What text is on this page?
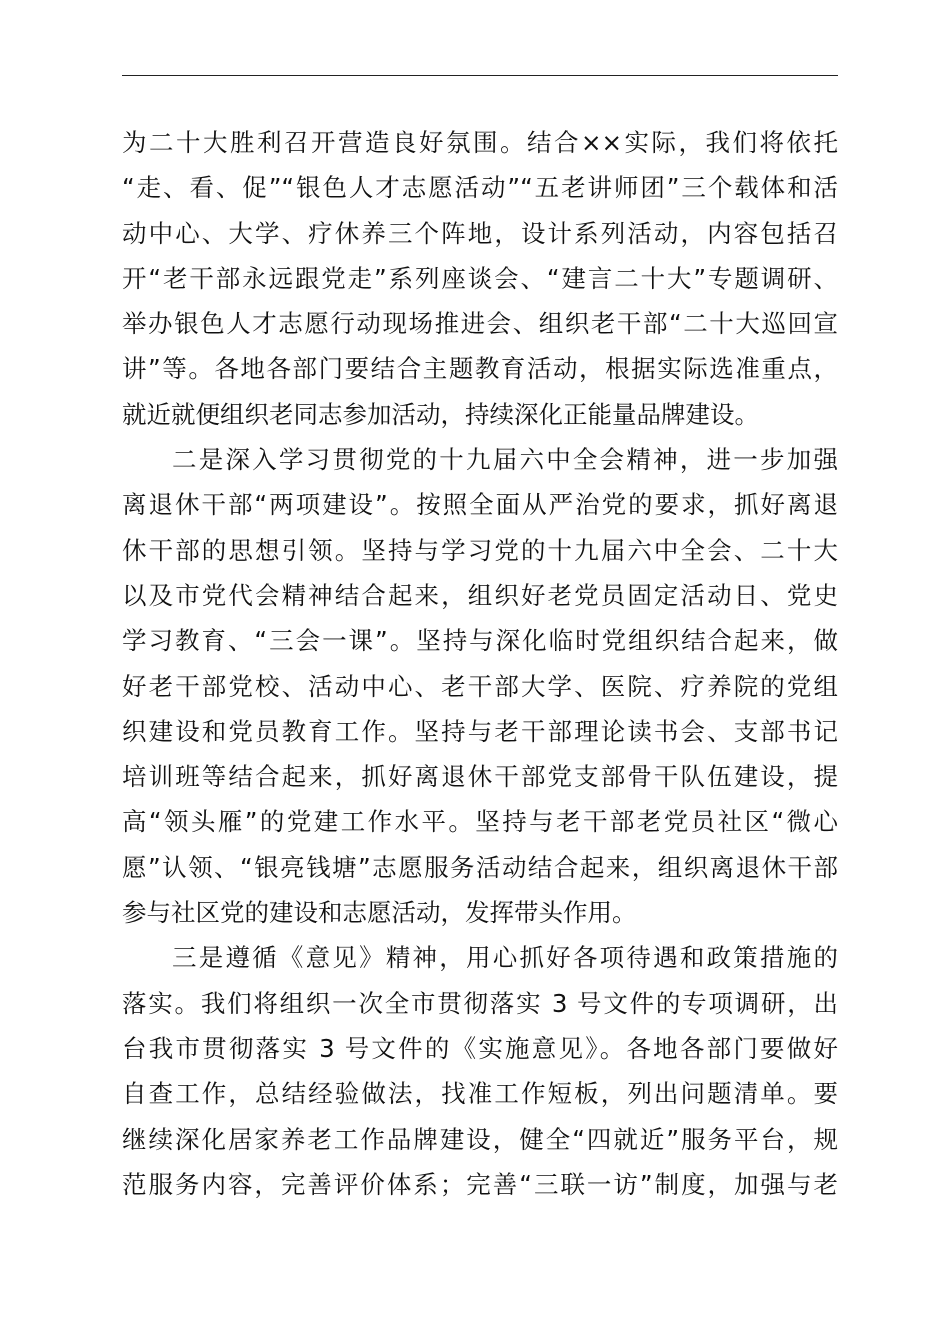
为二十大胜利召开营造良好氛围。结合××实际，我们将依托
“走、看、促”“银色人才志愿活动”“五老讲师团”三个载体和活
动中心、大学、疗休养三个阵地，设计系列活动，内容包括召
开“老干部永远跟党走”系列座谈会、“建言二十大”专题调研、
举办银色人才志愿行动现场推进会、组织老干部“二十大巡回宣
讲”等。各地各部门要结合主题教育活动，根据实际选准重点，
就近就便组织老同志参加活动，持续深化正能量品牌建设。
二是深入学习贯彻党的十九届六中全会精神，进一步加强
离退休干部“两项建设”。按照全面从严治党的要求，抓好离退
休干部的思想引领。坚持与学习党的十九届六中全会、二十大
以及市党代会精神结合起来，组织好老党员固定活动日、党史
学习教育、“三会一课”。坚持与深化临时党组织结合起来，做
好老干部党校、活动中心、老干部大学、医院、疗养院的党组
织建设和党员教育工作。坚持与老干部理论读书会、支部书记
培训班等结合起来，抓好离退休干部党支部骨干队伍建设，提
高“领头雁”的党建工作水平。坚持与老干部老党员社区“微心
愿”认领、“银亮钱塘”志愿服务活动结合起来，组织离退休干部
参与社区党的建设和志愿活动，发挥带头作用。
三是遵循《意见》精神，用心抓好各项待遇和政策措施的
落实。我们将组织一次全市贯彻落实 3 号文件的专项调研，出
台我市贯彻落实 3 号文件的《实施意见》。各地各部门要做好
自查工作，总结经验做法，找准工作短板，列出问题清单。要
继续深化居家养老工作品牌建设，健全“四就近”服务平台，规
范服务内容，完善评价体系；完善“三联一访”制度，加强与老
